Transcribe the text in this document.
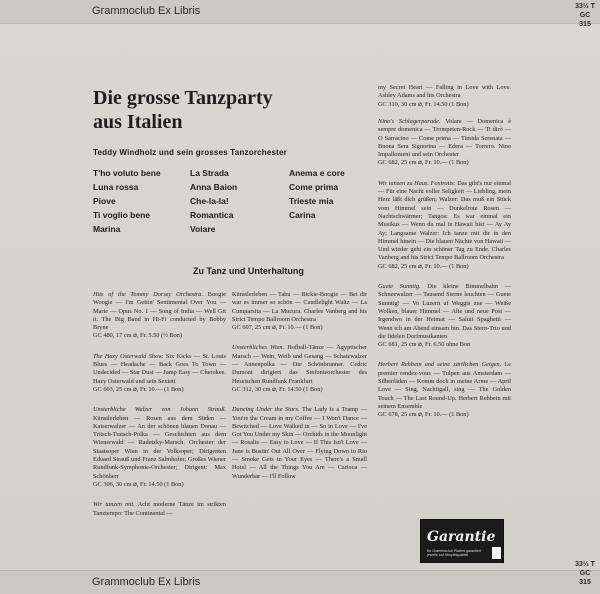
Grammoclub Ex Libris	33⅓ T
GC
315
Die grosse Tanzparty
aus Italien
Teddy Windholz und sein grosses Tanzorchester
T'ho voluto bene
Luna rossa
Piove
Ti voglio bene
Marina
La Strada
Anna Baion
Che-la-la!
Romantica
Volare
Anema e core
Come prima
Trieste mia
Carina
Zu Tanz und Unterhaltung
Hits of the Tommy Dorsey Orchestra. Boogie Woogie — I'm Gettin' Sentimental Over You — Marie — Opus No. 1 — Song of India — Well Git it. The Big Band in Hi-Fi conducted by Bobby Bryne
GC 480, 17 cm ⌀, Fr. 5.50 (½ Bon)
The Hazy Osterwald Show. Six Kicks — St. Louis Blues — Headache — Back Goes To Town — Undecided — Star Dust — Jump Easy — Cherokee. Hazy Osterwald und sein Sextett
GC 603, 25 cm ⌀, Fr. 10.— (1 Bon)
Unsterbliche Walzer von Johann Strauß. Künstlerleben — Rosen aus dem Süden — Kaiserwalzer — An der schönen blauen Donau — Tritsch-Tratsch-Polka — Geschichten aus dem Wienerwald — Radetzky-Marsch. Orchester der Staatsoper Wien in der Volksoper; Dirigenten Eduard Strauß und Franz Salmhofer; Großes Wiener Rundfunk-Symphonie-Orchester; Dirigent: Max Schönherr
GC 306, 30 cm ⌀, Fr. 14.50 (1 Bon)
Wir tanzen mit. Acht moderne Tänze im strikten Tanztempo: The Continental —
Künstlerleben — Tabu — Bickie-Boogie — Bei dir war es immer so schön — Candlelight Waltz — La Cumparsita — La Mucura. Charles Vanberg and his Strict Tempo Ballroom Orchestra
GC 607, 25 cm ⌀, Fr. 10.— (1 Bon)
Unsterbliches Wien. Hofball-Tänze — Ägyptischer Marsch — Wein, Weib und Gesang — Schatzwalzer — Annenpolka — Die Schönbrunner. Cedric Dumont dirigiert das Sinfonieorchester des Hessischen Rundfunk Frankfurt
GC 312, 30 cm ⌀, Fr. 14.50 (1 Bon)
Dancing Under the Stars. The Lady is a Tramp — You're the Cream in my Coffee — I Won't Dance — Bewitched — Love Walked in — So in Love — I've Got You Under my Skin — Orchids in the Moonlight — Rosalie — Easy to Love — If This Isn't Love — June is Bustin' Out All Over — Flying Down to Rio — Smoke Gets in Your Eyes — There's a Small Hotel — All the Things You Are — Carioca — Wunderbar — I'll Follow
my Secret Heart — Falling in Love with Love. Ashley Adams and his Orchestra
GC 310, 30 cm ⌀, Fr. 14.50 (1 Bon)
Nino's Schlagerparade. Volare — Domenica è sempre domenica — Trompeten-Rock — Ti dirò — O Sarracino — Come prima — Timida Serenata — Buona Sera Signorina — Edera — Torrero. Nino Impallomeni und sein Orchester
GC 682, 25 cm ⌀, Fr. 10.— (1 Bon)
Wir tanzen zu Haus. Foxtrotts: Das gibt's nur einmal — Für eine Nacht voller Seligkeit — Liebling, mein Herz läßt dich grüßen; Walzer: Das muß ein Stück vom Himmel sein — Dunkelrote Rosen — Nachtschwärmer; Tangos: Es war einmal ein Musikus — Wenn du mal in Hawaii bist — Ay Ay Ay; Langsame Walzer: Ich tanze mit dir in den Himmel hinein — Die blauen Nächte von Hawaii — Und wieder geht ein schöner Tag zu Ende. Charles Vanberg and his Strict Tempo Ballroom Orchestra
GC 682, 25 cm ⌀, Fr. 10.— (1 Bon)
Guete Sunntig. Die kleine Bimmelbahn — Schneewalzer — Tausend Sterne leuchten — Guete Sunntig! — Vo Luzern uf Weggis zue — Weiße Wolken, blauer Himmel — Alte und neue Post — Irgendwo in der Heimat — Saluti Spaghetti — Wenn ich am Abend einsam bin. Das Stern-Trio und die fidelen Dorfmusikanten
GC 681, 25 cm ⌀, Fr. 6.50 ohne Bon
Herbert Rehbein und seine zärtlichen Geigen. Le premier rendez-vous — Tulpen aus Amsterdam — Silberfäden — Komm doch in meine Arme — April Love — Sing, Nachtigall, sing — The Golden Touch — The Last Round-Up. Herbert Rehbein mit seinem Ensemble
GC 678, 25 cm ⌀, Fr. 10.— (1 Bon)
Garantie
für Grammoclub Platten garantiert jeweils auf Abspielqualität
Grammoclub Ex Libris
33⅓ T
GC
315
